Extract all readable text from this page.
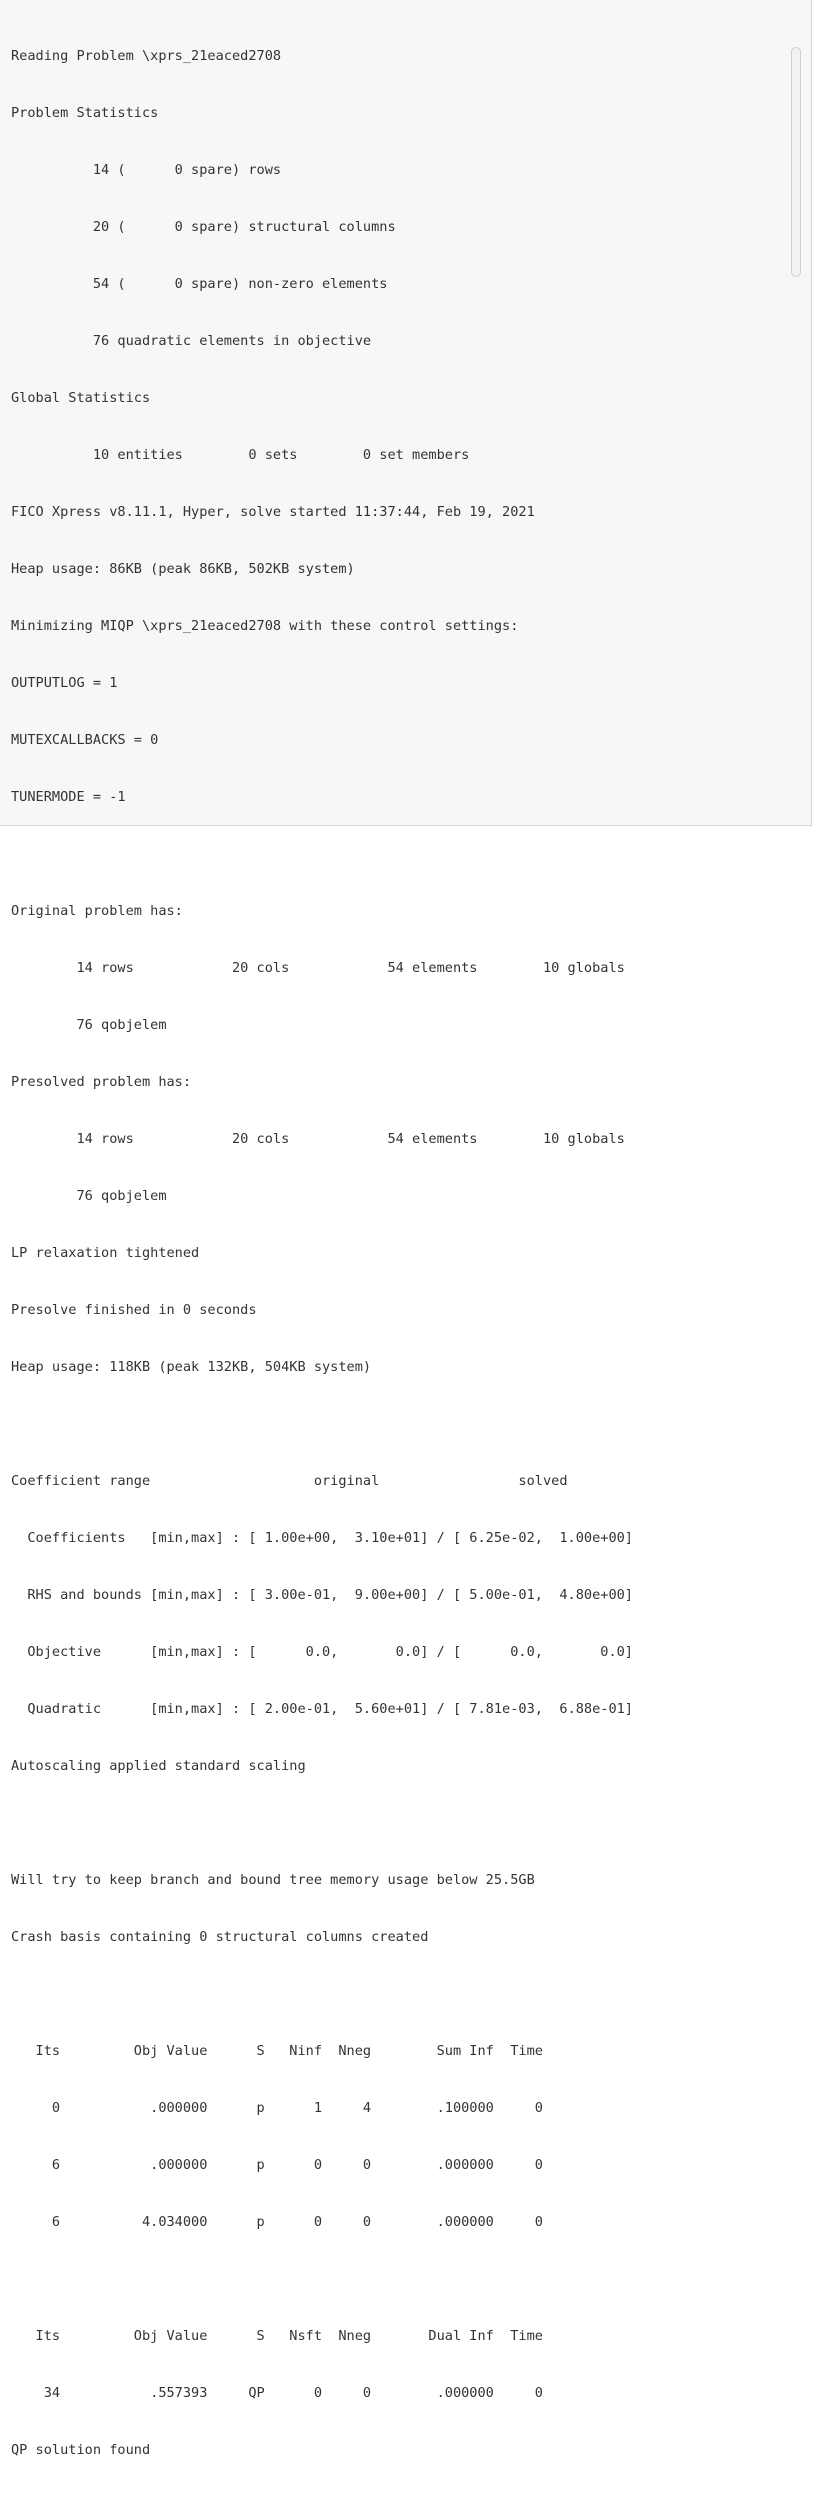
Reading Problem \xprs_21eaced2708

Problem Statistics

14 (      0 spare) rows

20 (      0 spare) structural columns

54 (      0 spare) non-zero elements

76 quadratic elements in objective

Global Statistics

10 entities        0 sets        0 set members

FICO Xpress v8.11.1, Hyper, solve started 11:37:44, Feb 19, 2021

Heap usage: 86KB (peak 86KB, 502KB system)

Minimizing MIQP \xprs_21eaced2708 with these control settings:

OUTPUTLOG = 1

MUTEXCALLBACKS = 0

TUNERMODE = -1

Original problem has:

14 rows            20 cols            54 elements        10 globals

76 qobjelem

Presolved problem has:

14 rows            20 cols            54 elements        10 globals

76 qobjelem

LP relaxation tightened

Presolve finished in 0 seconds

Heap usage: 118KB (peak 132KB, 504KB system)

Coefficient range                    original                 solved

Coefficients   [min,max] : [ 1.00e+00,  3.10e+01] / [ 6.25e-02,  1.00e+00]

RHS and bounds [min,max] : [ 3.00e-01,  9.00e+00] / [ 5.00e-01,  4.80e+00]

Objective      [min,max] : [      0.0,       0.0] / [      0.0,       0.0]

Quadratic      [min,max] : [ 2.00e-01,  5.60e+01] / [ 7.81e-03,  6.88e-01]

Autoscaling applied standard scaling

Will try to keep branch and bound tree memory usage below 25.5GB

Crash basis containing 0 structural columns created

Its         Obj Value      S   Ninf  Nneg        Sum Inf  Time

0           .000000      p      1     4        .100000     0

6           .000000      p      0     0        .000000     0

6          4.034000      p      0     0        .000000     0

Its         Obj Value      S   Nsft  Nneg       Dual Inf  Time

34           .557393     QP      0     0        .000000     0

QP solution found
